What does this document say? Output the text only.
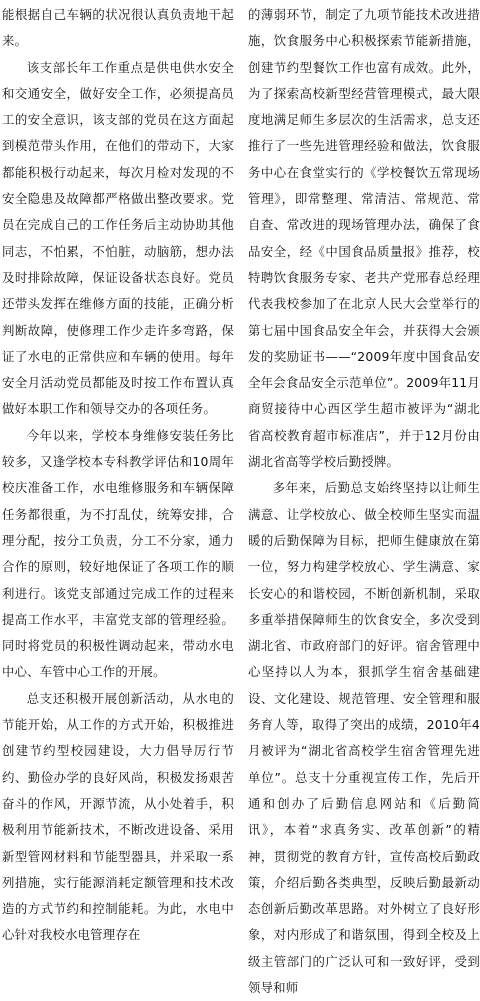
能根据自己车辆的状况很认真负责地干起来。

该支部长年工作重点是供电供水安全和交通安全，做好安全工作，必须提高员工的安全意识，该支部的党员在这方面起到模范带头作用，在他们的带动下，大家都能积极行动起来，每次月检对发现的不安全隐患及故障都严格做出整改要求。党员在完成自己的工作任务后主动协助其他同志，不怕累，不怕脏，动脑筋，想办法及时排除故障，保证设备状态良好。党员还带头发挥在维修方面的技能，正确分析判断故障，使修理工作少走许多弯路，保证了水电的正常供应和车辆的使用。每年安全月活动党员都能及时按工作布置认真做好本职工作和领导交办的各项任务。

今年以来，学校本身维修安装任务比较多，又逢学校本专科教学评估和10周年校庆准备工作，水电维修服务和车辆保障任务都很重，为不打乱仗，统筹安排，合理分配，按分工负责，分工不分家，通力合作的原则，较好地保证了各项工作的顺利进行。该党支部通过完成工作的过程来提高工作水平，丰富党支部的管理经验。同时将党员的积极性调动起来，带动水电中心、车管中心工作的开展。

总支还积极开展创新活动，从水电的节能开始，从工作的方式开始，积极推进创建节约型校园建设，大力倡导厉行节约、勤俭办学的良好风尚，积极发扬艰苦奋斗的作风，开源节流，从小处着手，积极利用节能新技术，不断改进设备、采用新型管网材料和节能型器具，并采取一系列措施，实行能源消耗定额管理和技术改造的方式节约和控制能耗。为此，水电中心针对我校水电管理存在

的薄弱环节，制定了九项节能技术改进措施，饮食服务中心积极探索节能新措施，创建节约型餐饮工作也富有成效。此外，为了探索高校新型经营管理模式，最大限度地满足师生多层次的生活需求，总支还推行了一些先进管理经验和做法，饮食服务中心在食堂实行的《学校餐饮五常现场管理》，即常整理、常清洁、常规范、常自查、常改进的现场管理办法，确保了食品安全，经《中国食品质量报》推荐，校特聘饮食服务专家、老共产党邢春总经理代表我校参加了在北京人民大会堂举行的第七届中国食品安全年会，并获得大会颁发的奖励证书——“2009年度中国食品安全年会食品安全示范单位”。2009年11月商贸接待中心西区学生超市被评为“湖北省高校教育超市标准店”，并于12月份由湖北省高等学校后勤授牌。

多年来，后勤总支始终坚持以让师生满意、让学校放心、做全校师生坚实而温暖的后勤保障为目标，把师生健康放在第一位，努力构建学校放心、学生满意、家长安心的和谐校园，不断创新机制，采取多重举措保障师生的饮食安全，多次受到湖北省、市政府部门的好评。宿舍管理中心坚持以人为本，狠抓学生宿舍基础建设、文化建设、规范管理、安全管理和服务育人等，取得了突出的成绩，2010年4月被评为“湖北省高校学生宿舍管理先进单位”。总支十分重视宣传工作，先后开通和创办了后勤信息网站和《后勤简讯》，本着“求真务实、改革创新”的精神，贯彻党的教育方针，宣传高校后勤政策，介绍后勤各类典型，反映后勤最新动态创新后勤改革思路。对外树立了良好形象，对内形成了和谐氛围，得到全校及上级主管部门的广泛认可和一致好评，受到领导和师
